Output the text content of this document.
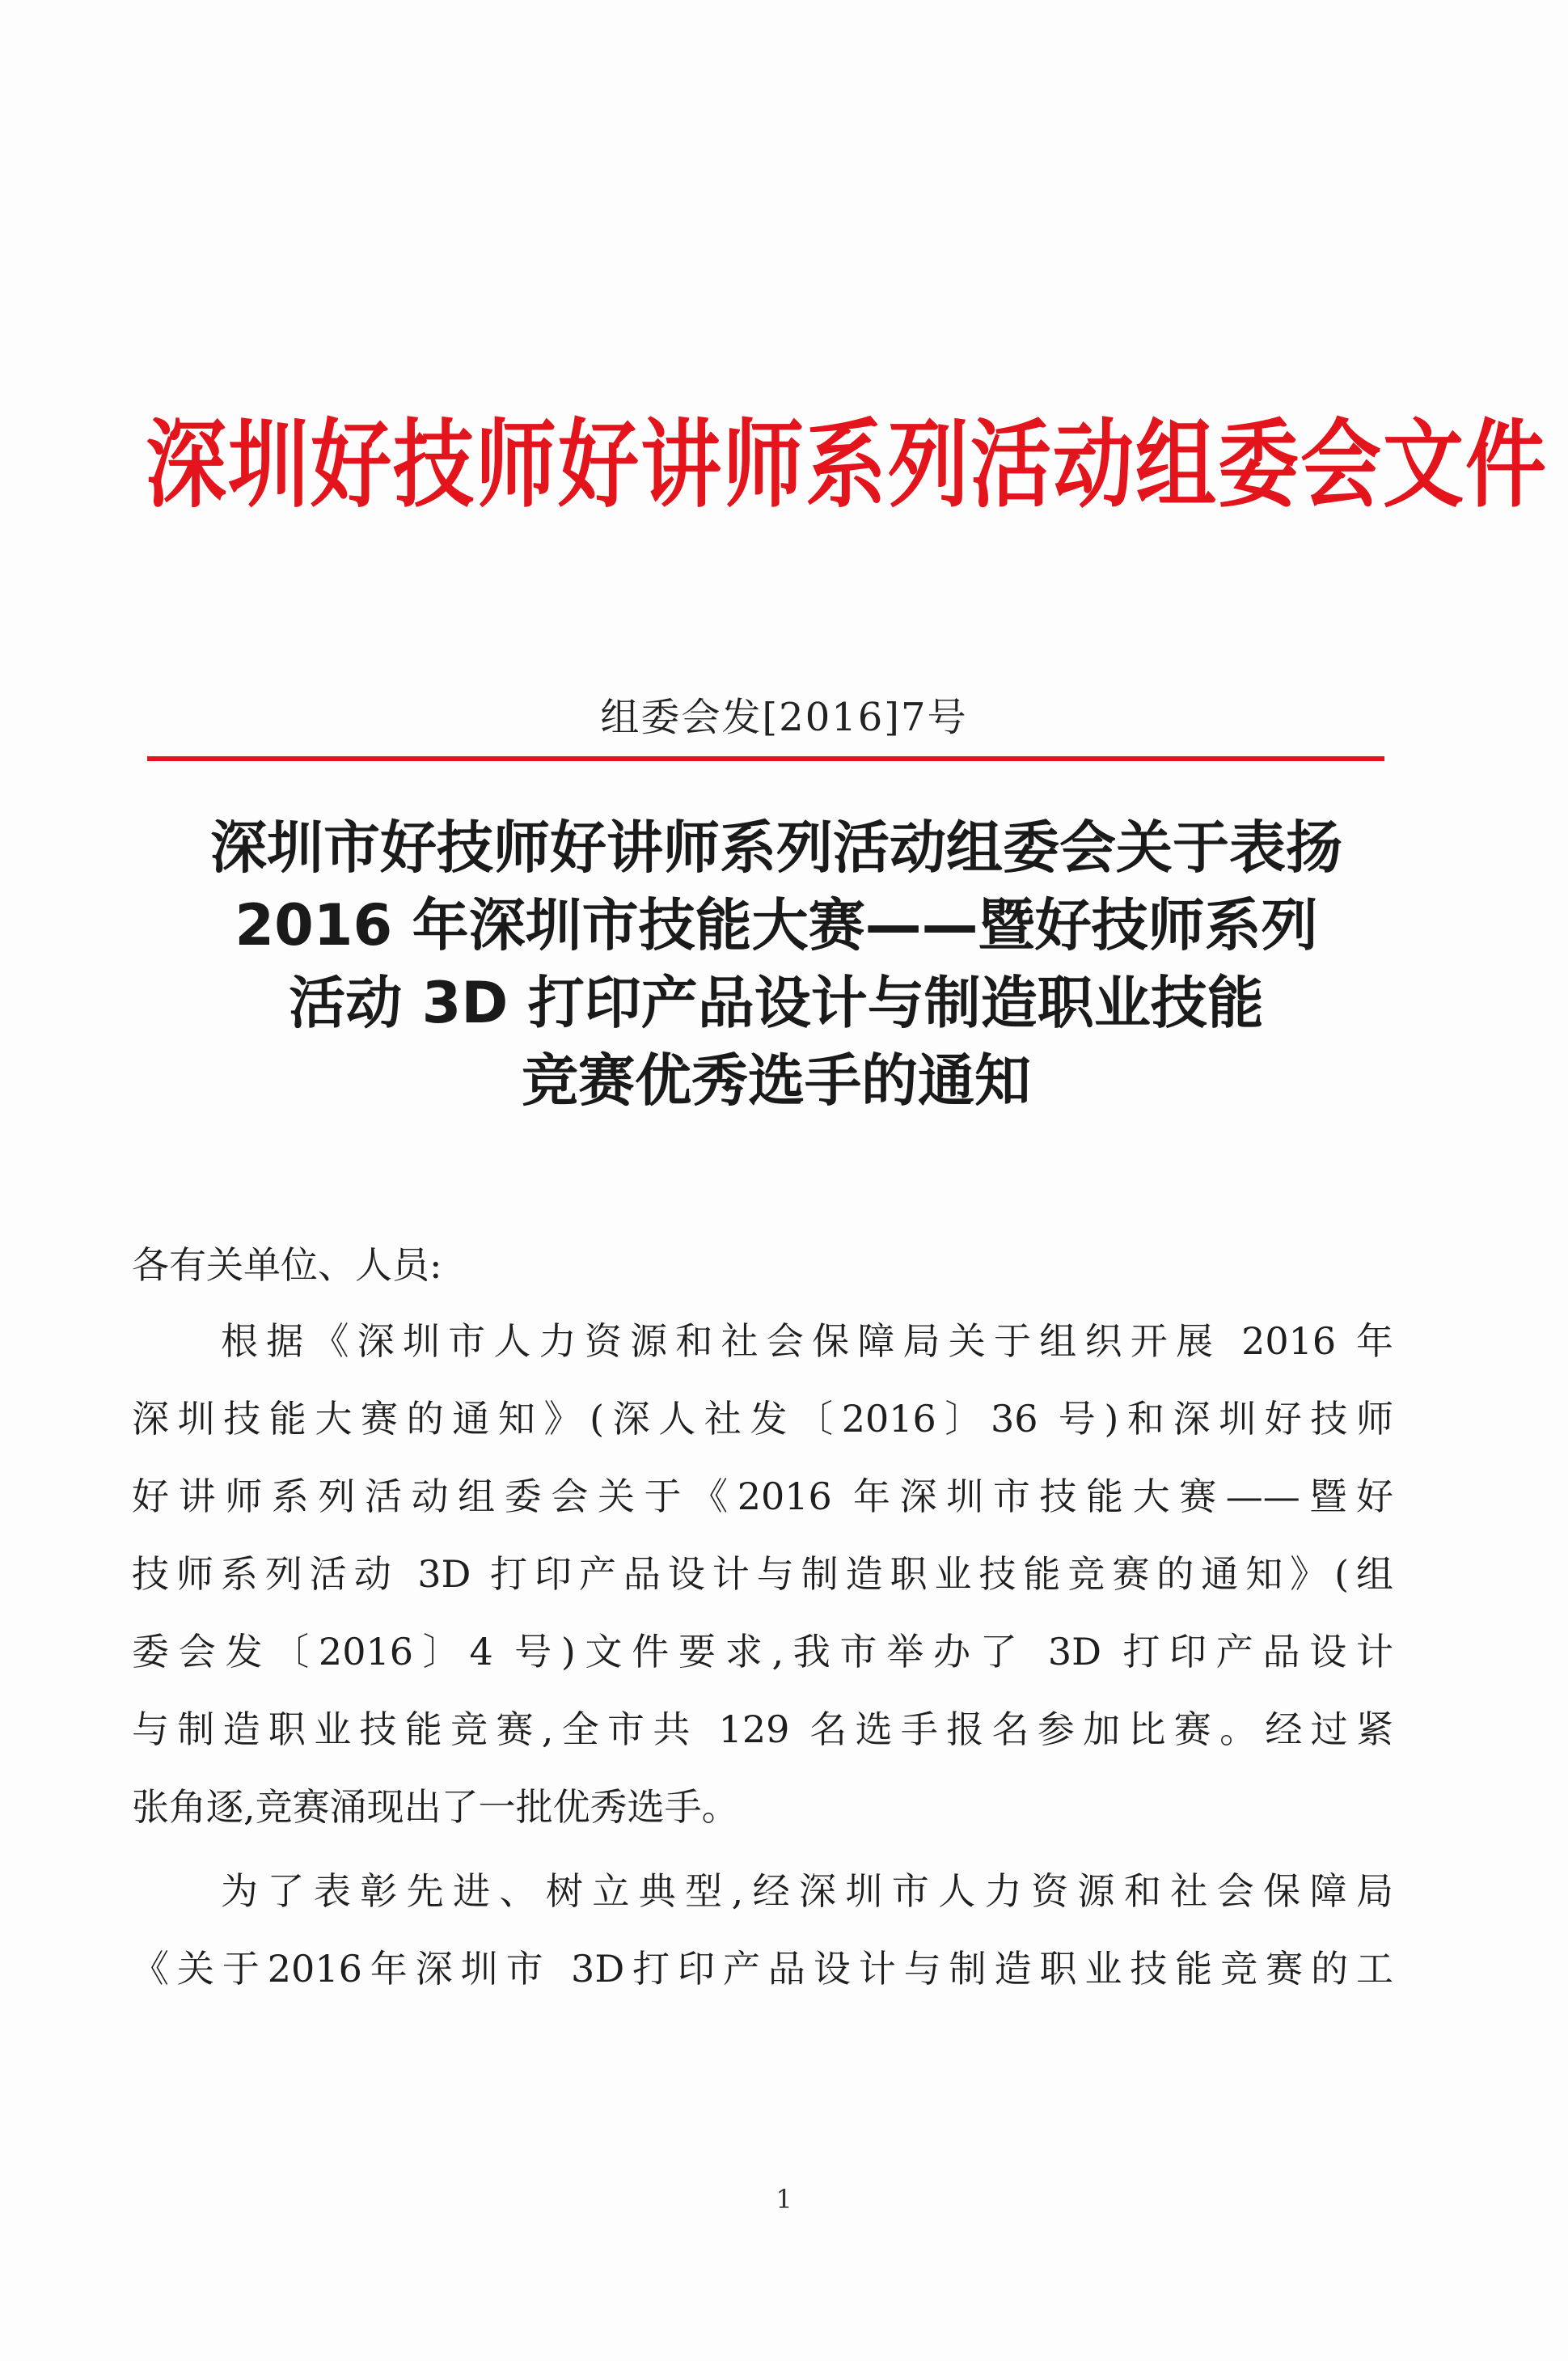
深圳好技师好讲师系列活动组委会文件
组委会发[2016]7号
深圳市好技师好讲师系列活动组委会关于表扬
2016 年深圳市技能大赛——暨好技师系列
活动 3D 打印产品设计与制造职业技能
竞赛优秀选手的通知
各有关单位、人员:
根据《深圳市人力资源和社会保障局关于组织开展 2016 年
深圳技能大赛的通知》(深人社发〔2016〕36 号)和深圳好技师
好讲师系列活动组委会关于《2016 年深圳市技能大赛——暨好
技师系列活动 3D 打印产品设计与制造职业技能竞赛的通知》(组
委会发〔2016〕4 号)文件要求,我市举办了 3D 打印产品设计
与制造职业技能竞赛,全市共 129 名选手报名参加比赛。经过紧
张角逐,竞赛涌现出了一批优秀选手。
为了表彰先进、树立典型,经深圳市人力资源和社会保障局
《关于2016年深圳市 3D打印产品设计与制造职业技能竞赛的工
1
